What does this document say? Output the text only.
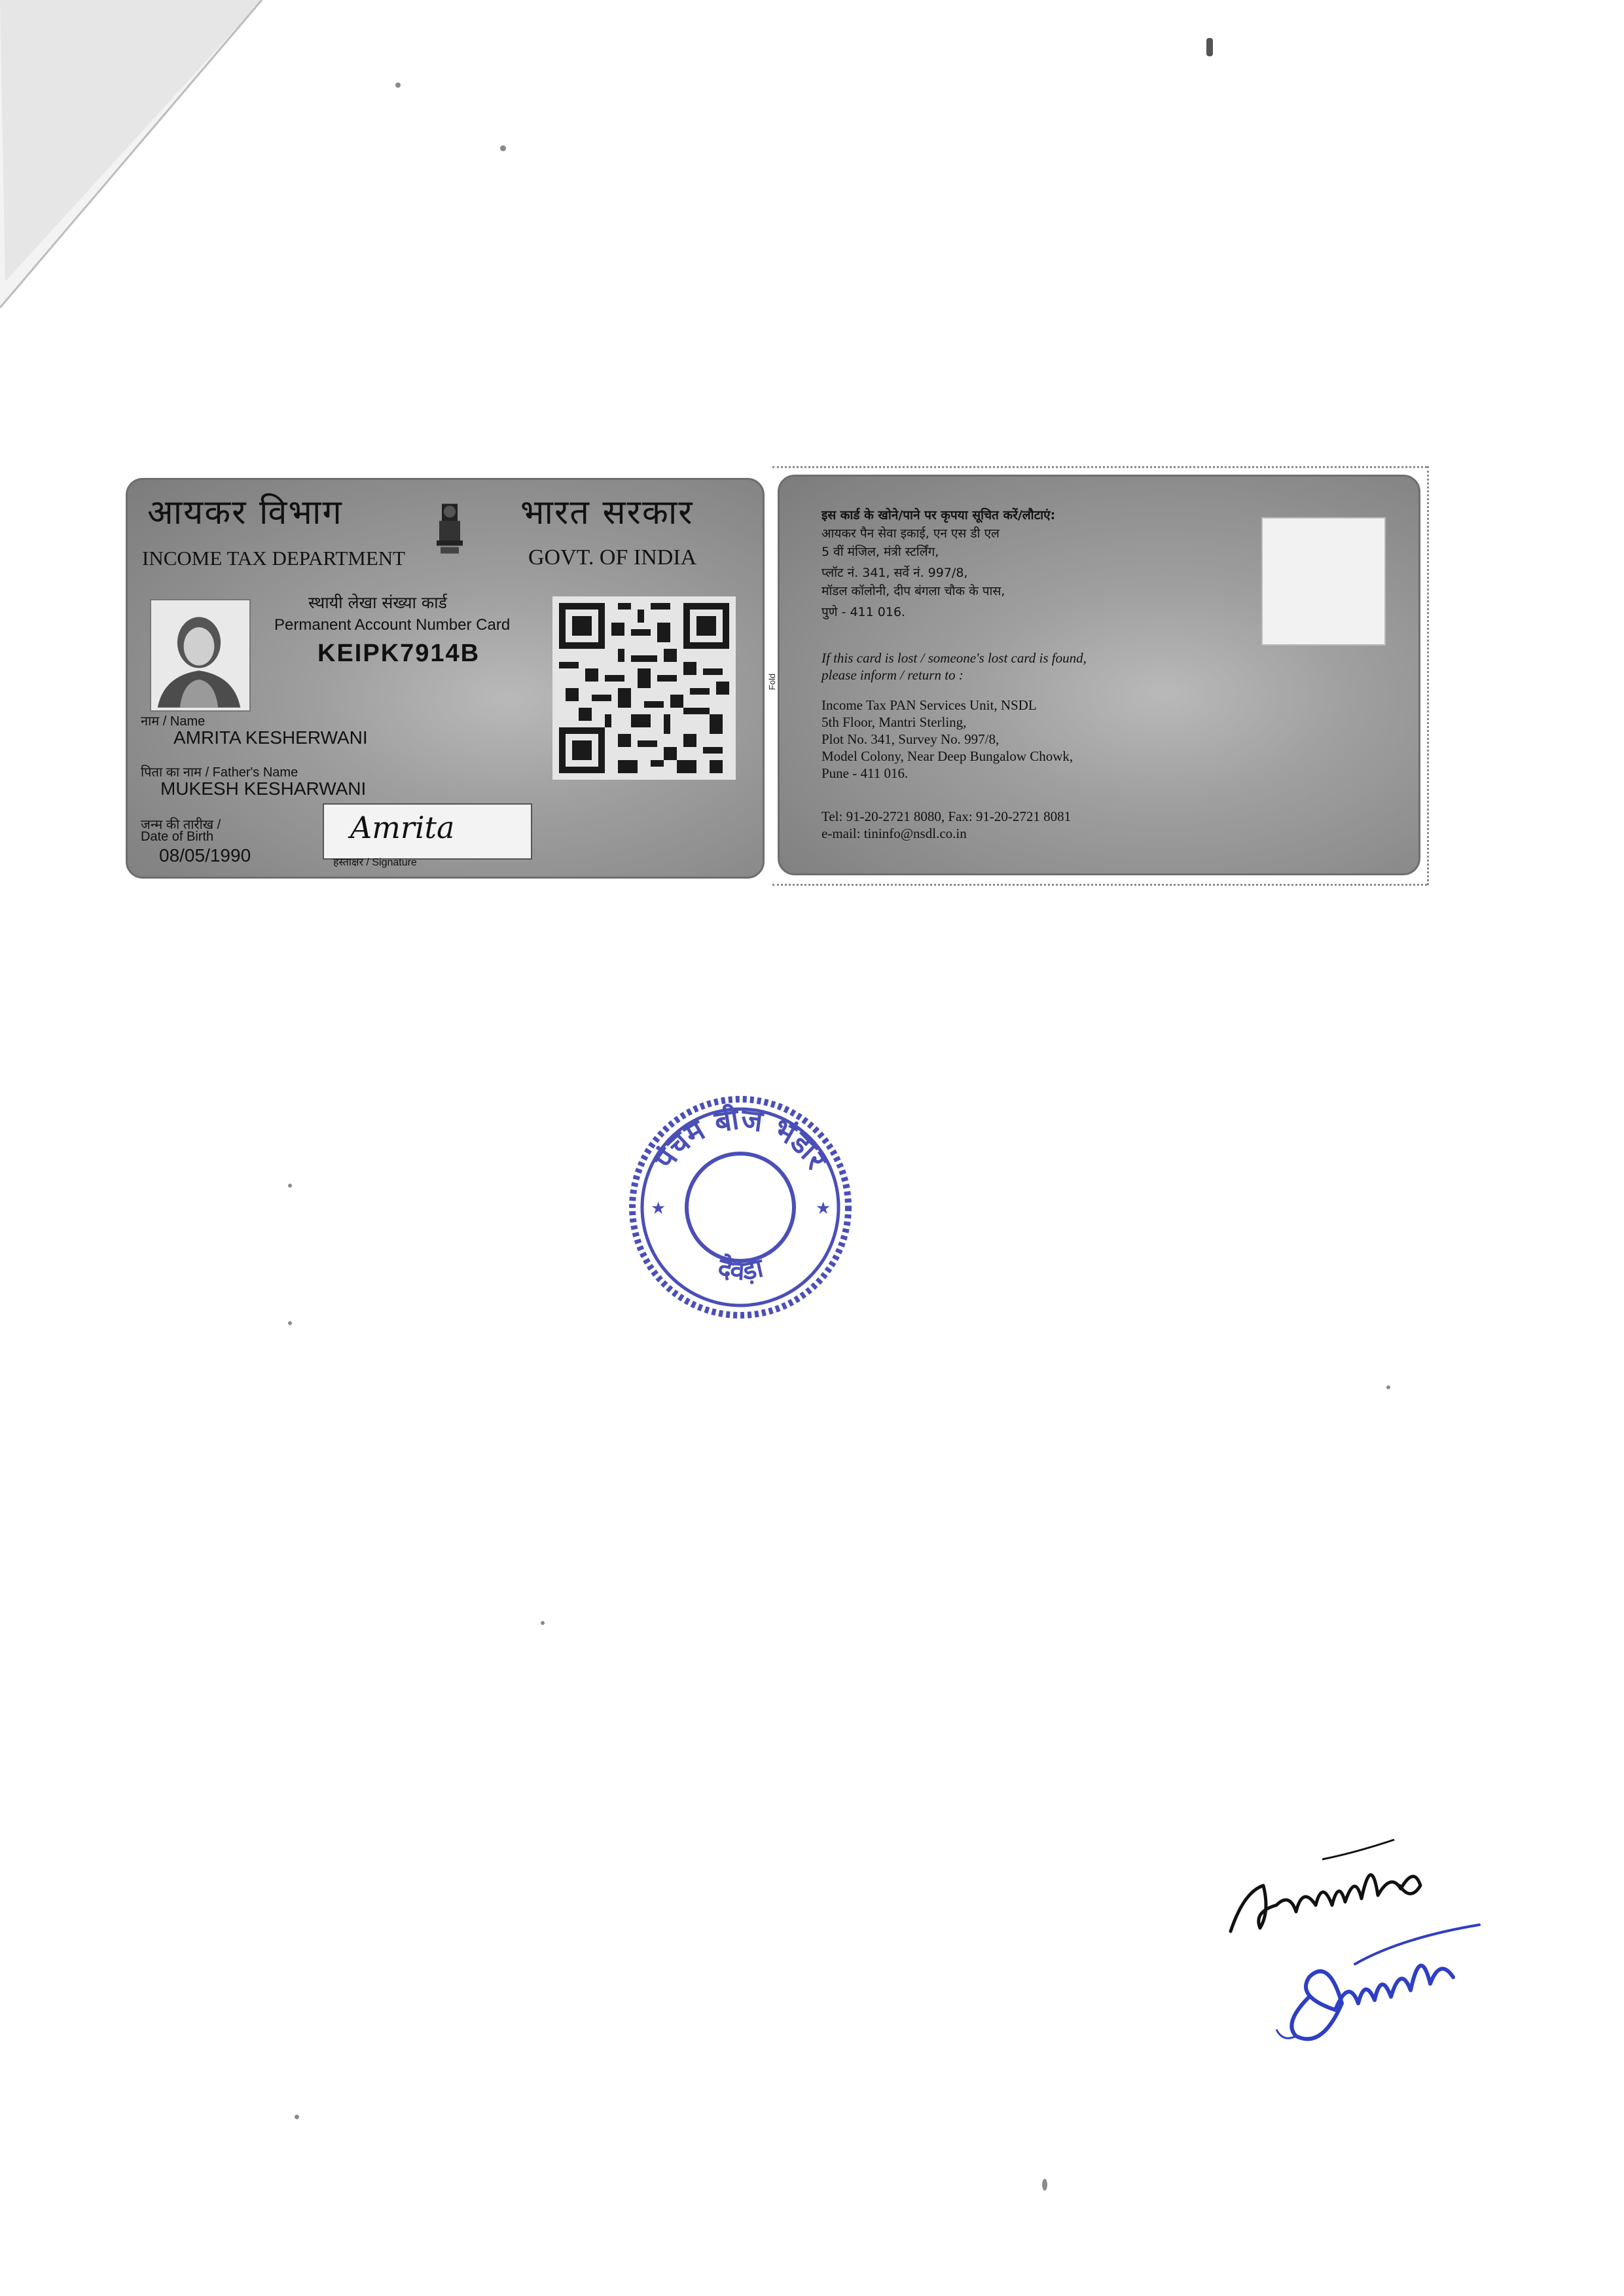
आयकर विभाग
INCOME TAX DEPARTMENT
भारत सरकार
GOVT. OF INDIA
स्थायी लेखा संख्या कार्ड
Permanent Account Number Card
KEIPK7914B
नाम / Name
AMRITA KESHERWANI
पिता का नाम / Father's Name
MUKESH KESHARWANI
जन्म की तारीख /
Date of Birth
08/05/1990
Amrita
हस्ताक्षर / Signature
Fold
इस कार्ड के खोने/पाने पर कृपया सूचित करें/लौटाएं:
आयकर पैन सेवा इकाई, एन एस डी एल
5 वीं मंजिल, मंत्री स्टर्लिंग,
प्लॉट नं. 341, सर्वे नं. 997/8,
मॉडल कॉलोनी, दीप बंगला चौक के पास,
पुणे - 411 016.
If this card is lost / someone's lost card is found,
please inform / return to :
Income Tax PAN Services Unit, NSDL
5th Floor, Mantri Sterling,
Plot No. 341, Survey No. 997/8,
Model Colony, Near Deep Bungalow Chowk,
Pune - 411 016.
Tel: 91-20-2721 8080, Fax: 91-20-2721 8081
e-mail: tininfo@nsdl.co.in
पंचम बीज भंडार
देवड़ा
★	★
